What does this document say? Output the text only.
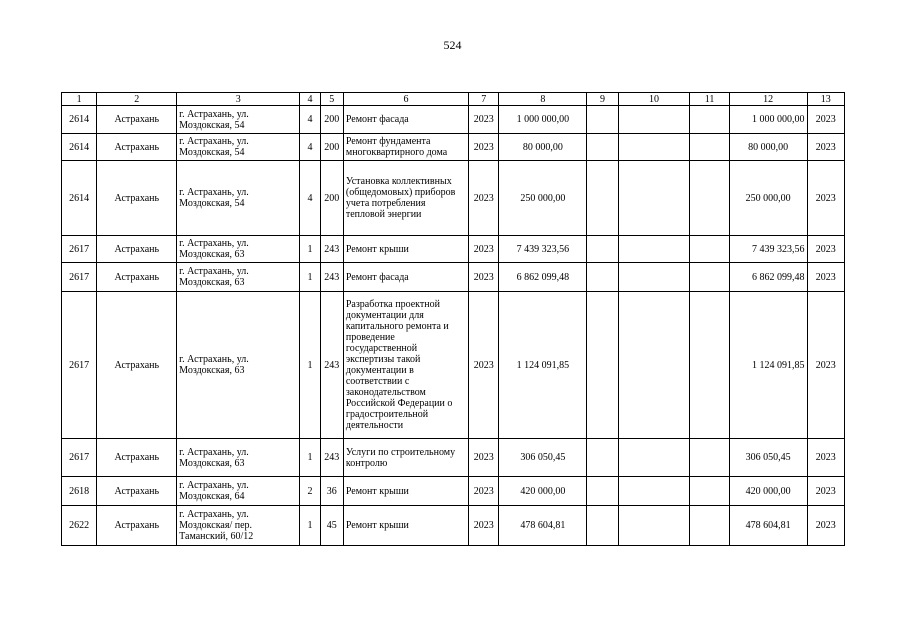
524
1	2	3	4	5	6	7	8	9	10	11	12	13
2614	Астрахань	г. Астрахань, ул. Моздокская, 54	4	200	Ремонт фасада	2023	1 000 000,00				1 000 000,00	2023
2614	Астрахань	г. Астрахань, ул. Моздокская, 54	4	200	Ремонт фундамента многоквартирного дома	2023	80 000,00				80 000,00	2023
2614	Астрахань	г. Астрахань, ул. Моздокская, 54	4	200	Установка коллективных (общедомовых) приборов учета потребления тепловой энергии	2023	250 000,00				250 000,00	2023
2617	Астрахань	г. Астрахань, ул. Моздокская, 63	1	243	Ремонт крыши	2023	7 439 323,56				7 439 323,56	2023
2617	Астрахань	г. Астрахань, ул. Моздокская, 63	1	243	Ремонт фасада	2023	6 862 099,48				6 862 099,48	2023
2617	Астрахань	г. Астрахань, ул. Моздокская, 63	1	243	Разработка проектной документации для капитального ремонта и проведение государственной экспертизы такой документации в соответствии с законодательством Российской Федерации о градостроительной деятельности	2023	1 124 091,85				1 124 091,85	2023
2617	Астрахань	г. Астрахань, ул. Моздокская, 63	1	243	Услуги по строительному контролю	2023	306 050,45				306 050,45	2023
2618	Астрахань	г. Астрахань, ул. Моздокская, 64	2	36	Ремонт крыши	2023	420 000,00				420 000,00	2023
2622	Астрахань	г. Астрахань, ул. Моздокская/ пер. Таманский, 60/12	1	45	Ремонт крыши	2023	478 604,81				478 604,81	2023
